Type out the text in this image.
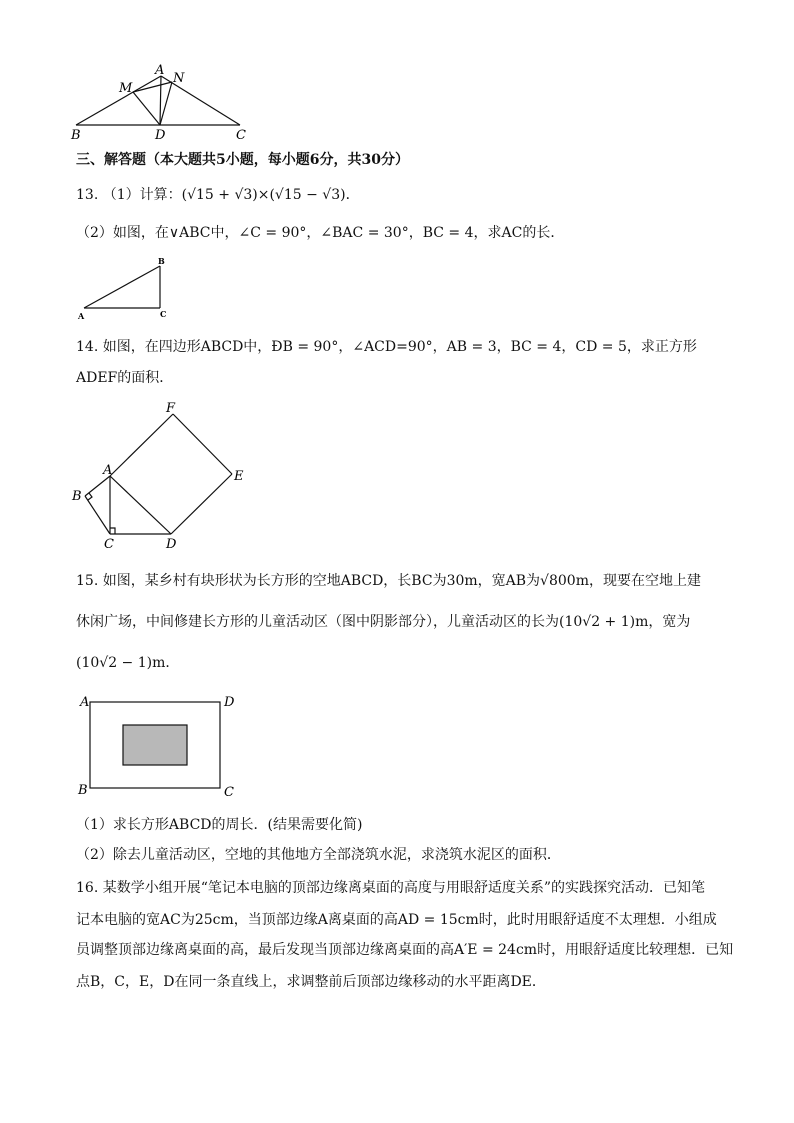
A
M
N
B	D	C
三、解答题（本大题共5小题，每小题6分，共30分）
13. （1）计算：(√15 + √3)×(√15 − √3)．
（2）如图，在∨ABC中，∠C = 90°，∠BAC = 30°，BC = 4，求AC的长．
A
B
C
14. 如图，在四边形ABCD中，ÐB = 90°，∠ACD=90°，AB = 3，BC = 4，CD = 5，求正方形
ADEF的面积．
F
A	E
B
C	D
15. 如图，某乡村有块形状为长方形的空地ABCD，长BC为30m，宽AB为√800m，现要在空地上建
休闲广场，中间修建长方形的儿童活动区（图中阴影部分），儿童活动区的长为(10√2 + 1)m，宽为
(10√2 − 1)m．
A	D
B	C
（1）求长方形ABCD的周长．(结果需要化简)
（2）除去儿童活动区，空地的其他地方全部浇筑水泥，求浇筑水泥区的面积．
16. 某数学小组开展“笔记本电脑的顶部边缘离桌面的高度与用眼舒适度关系”的实践探究活动．已知笔
记本电脑的宽AC为25cm，当顶部边缘A离桌面的高AD = 15cm时，此时用眼舒适度不太理想．小组成
员调整顶部边缘离桌面的高，最后发现当顶部边缘离桌面的高A′E = 24cm时，用眼舒适度比较理想．已知
点B，C，E，D在同一条直线上，求调整前后顶部边缘移动的水平距离DE．
